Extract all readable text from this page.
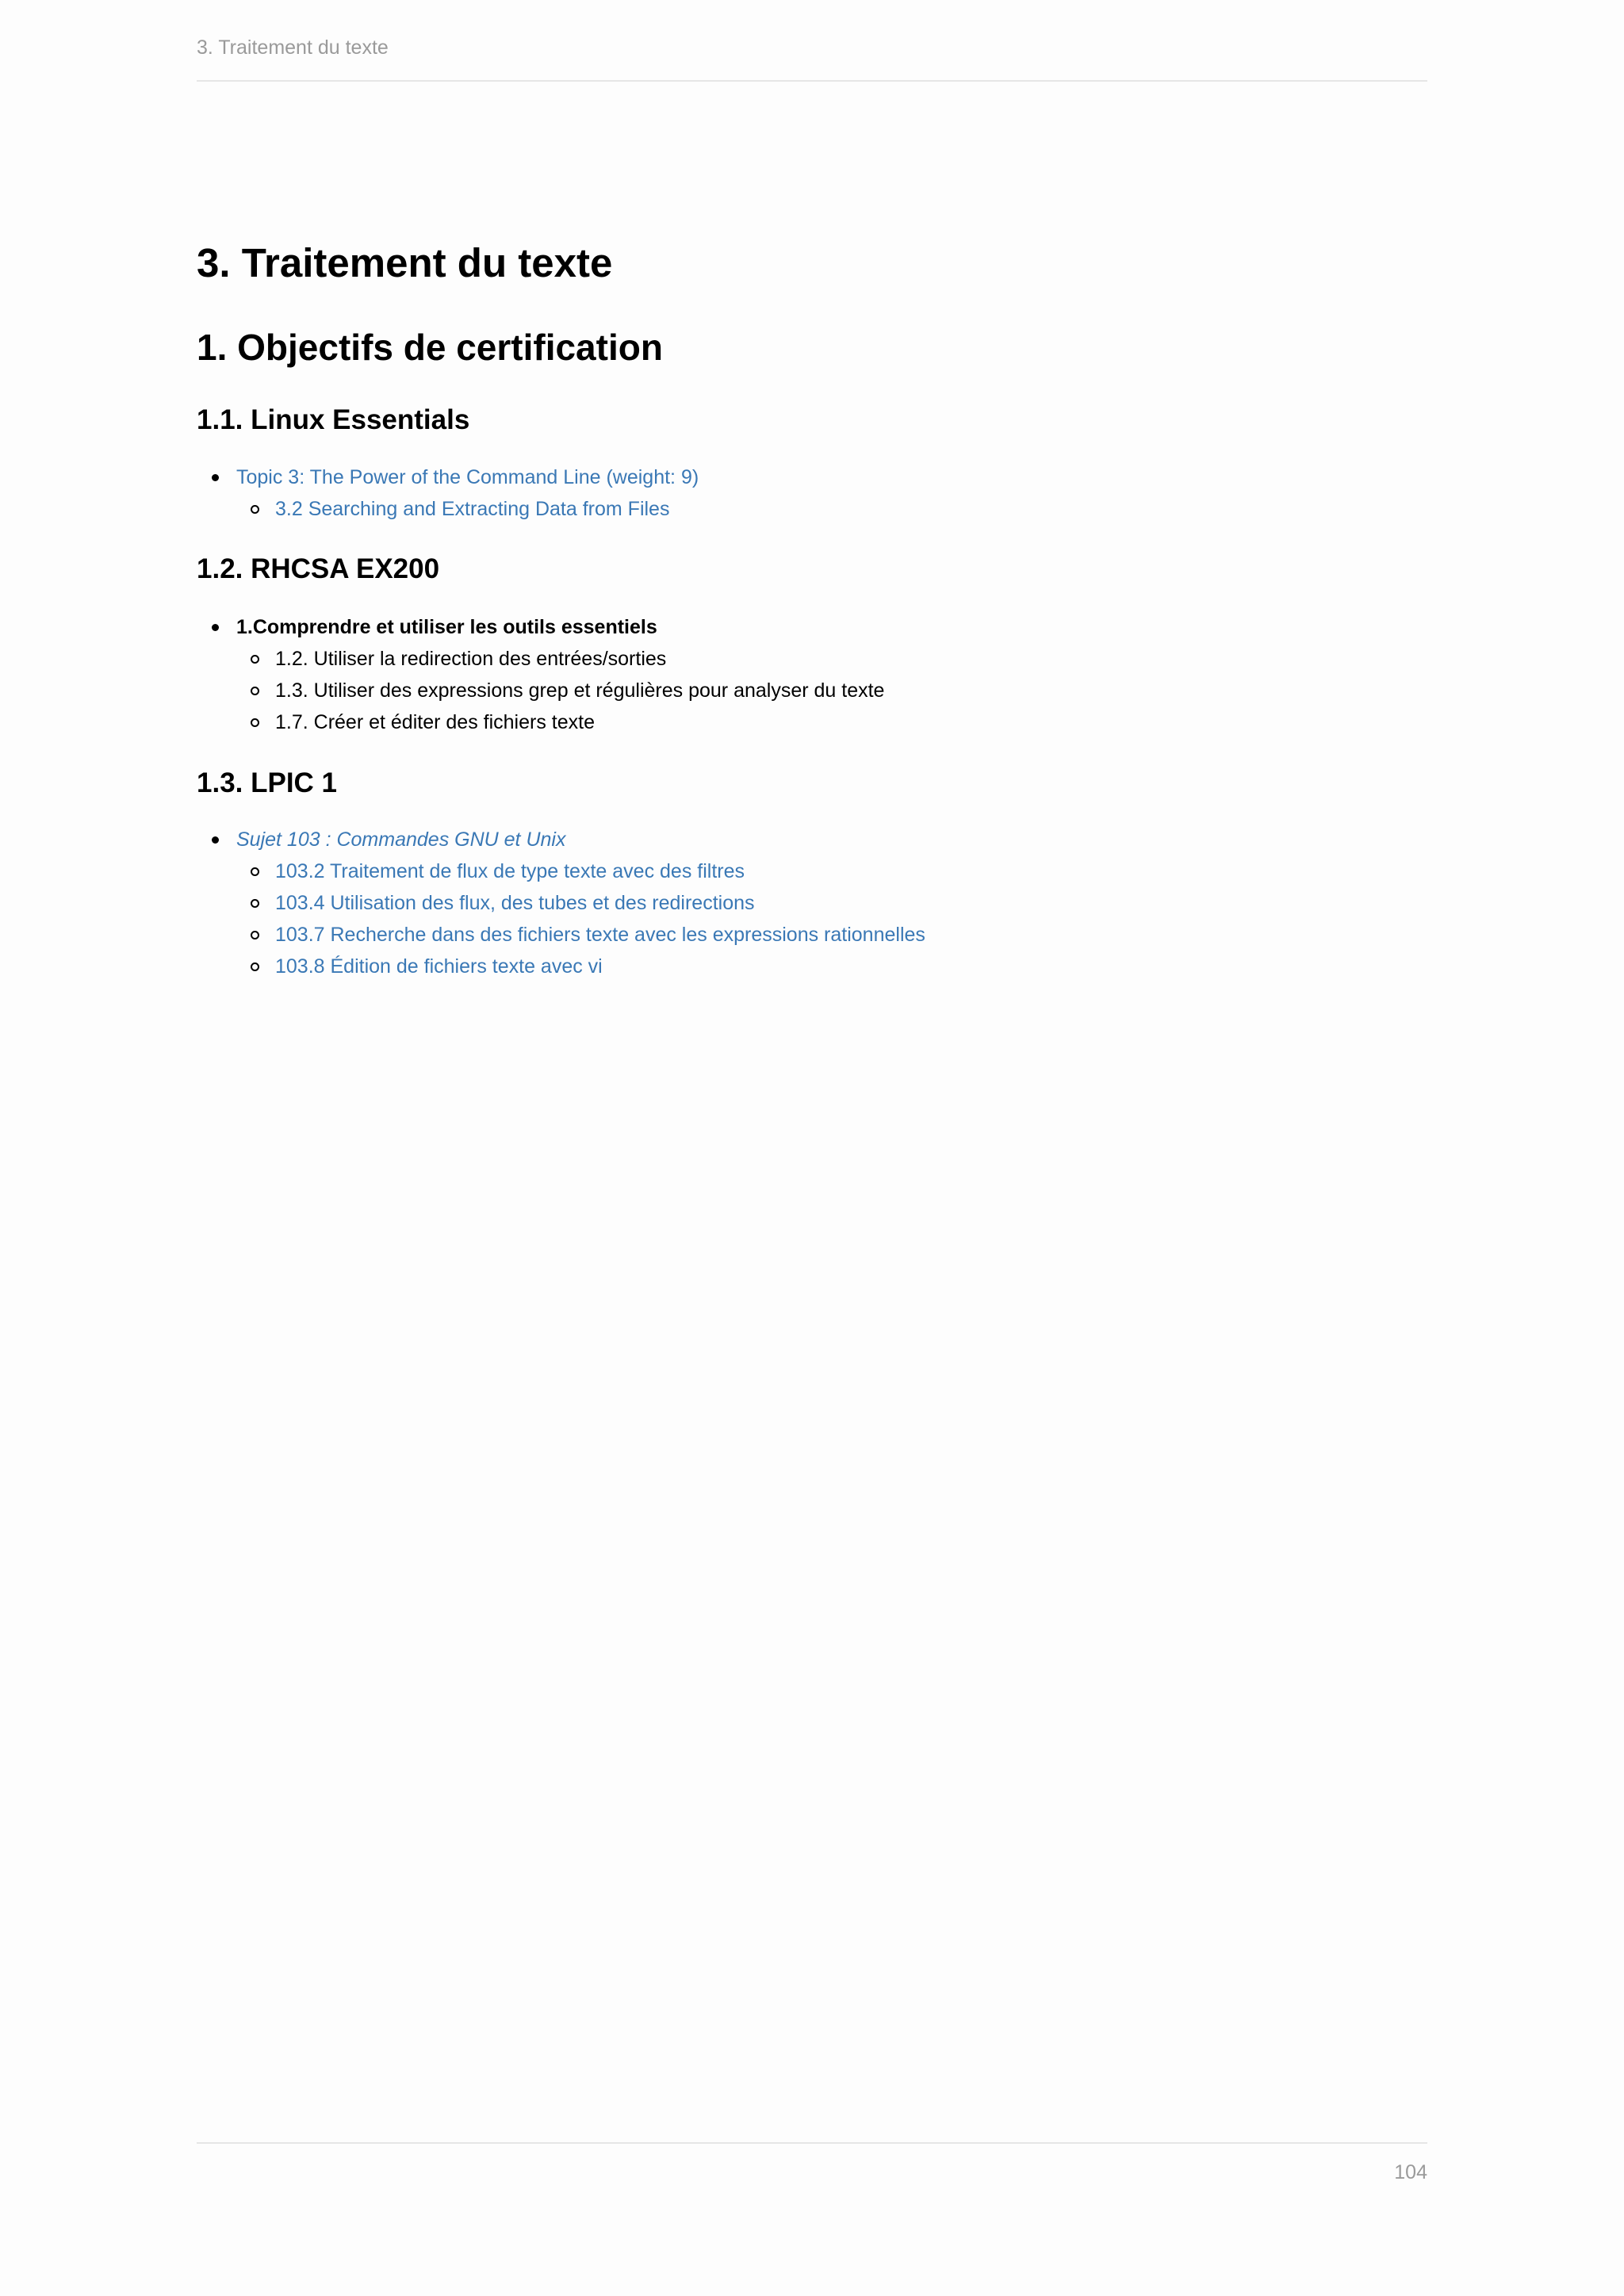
3. Traitement du texte
3. Traitement du texte
1. Objectifs de certification
1.1. Linux Essentials
Topic 3: The Power of the Command Line (weight: 9)
3.2 Searching and Extracting Data from Files
1.2. RHCSA EX200
1.Comprendre et utiliser les outils essentiels
1.2. Utiliser la redirection des entrées/sorties
1.3. Utiliser des expressions grep et régulières pour analyser du texte
1.7. Créer et éditer des fichiers texte
1.3. LPIC 1
Sujet 103 : Commandes GNU et Unix
103.2 Traitement de flux de type texte avec des filtres
103.4 Utilisation des flux, des tubes et des redirections
103.7 Recherche dans des fichiers texte avec les expressions rationnelles
103.8 Édition de fichiers texte avec vi
104
